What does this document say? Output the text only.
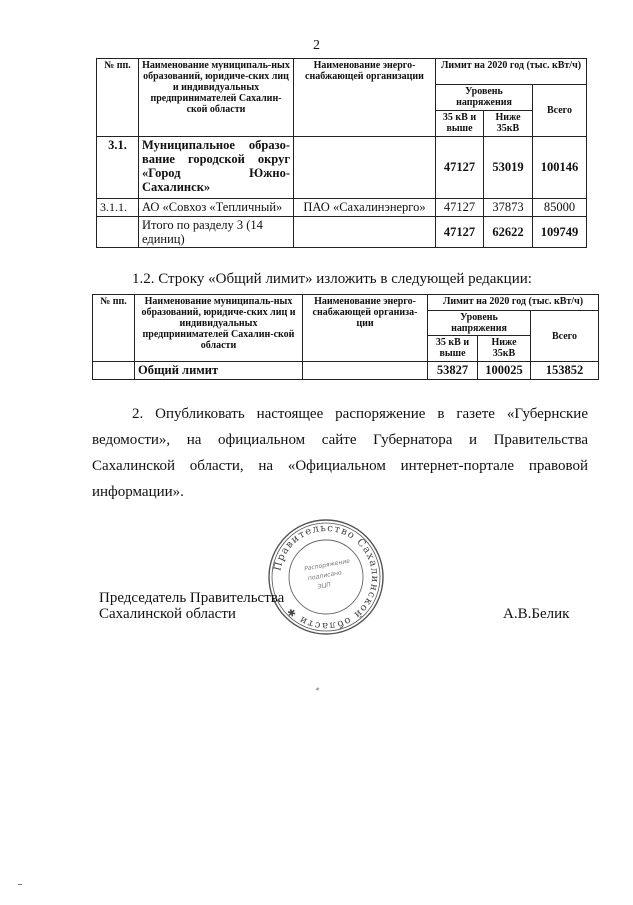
2
№ пп.	Наименование муниципаль-ных образований, юридиче-ских лиц и индивидуальных предпринимателей Сахалин-ской области	Наименование энерго-снабжающей организации	Лимит на 2020 год (тыс. кВт/ч)		
			Уровень напряжения		Всего
			35 кВ и выше	Ниже 35кВ	
3.1.	Муниципальное образо-вание городской округ «Город Южно-Сахалинск»		47127	53019	100146
3.1.1.	АО «Совхоз «Тепличный»	ПАО «Сахалинэнерго»	47127	37873	85000
	Итого по разделу 3 (14 единиц)		47127	62622	109749
1.2. Строку «Общий лимит» изложить в следующей редакции:
№ пп.	Наименование муниципаль-ных образований, юридиче-ских лиц и индивидуальных предпринимателей Сахалин-ской области	Наименование энерго-снабжающей организа-ции	Лимит на 2020 год (тыс. кВт/ч)		
			Уровень напряжения		Всего
			35 кВ и выше	Ниже 35кВ	
	Общий лимит		53827	100025	153852
2. Опубликовать настоящее распоряжение в газете «Губернские ведомости», на официальном сайте Губернатора и Правительства Сахалинской области, на «Официальном интернет-портале правовой информации».
Правительство Сахалинской области ✱
Распоряжение
подписано
ЭЦП
Председатель Правительства
Сахалинской области	А.В.Белик
